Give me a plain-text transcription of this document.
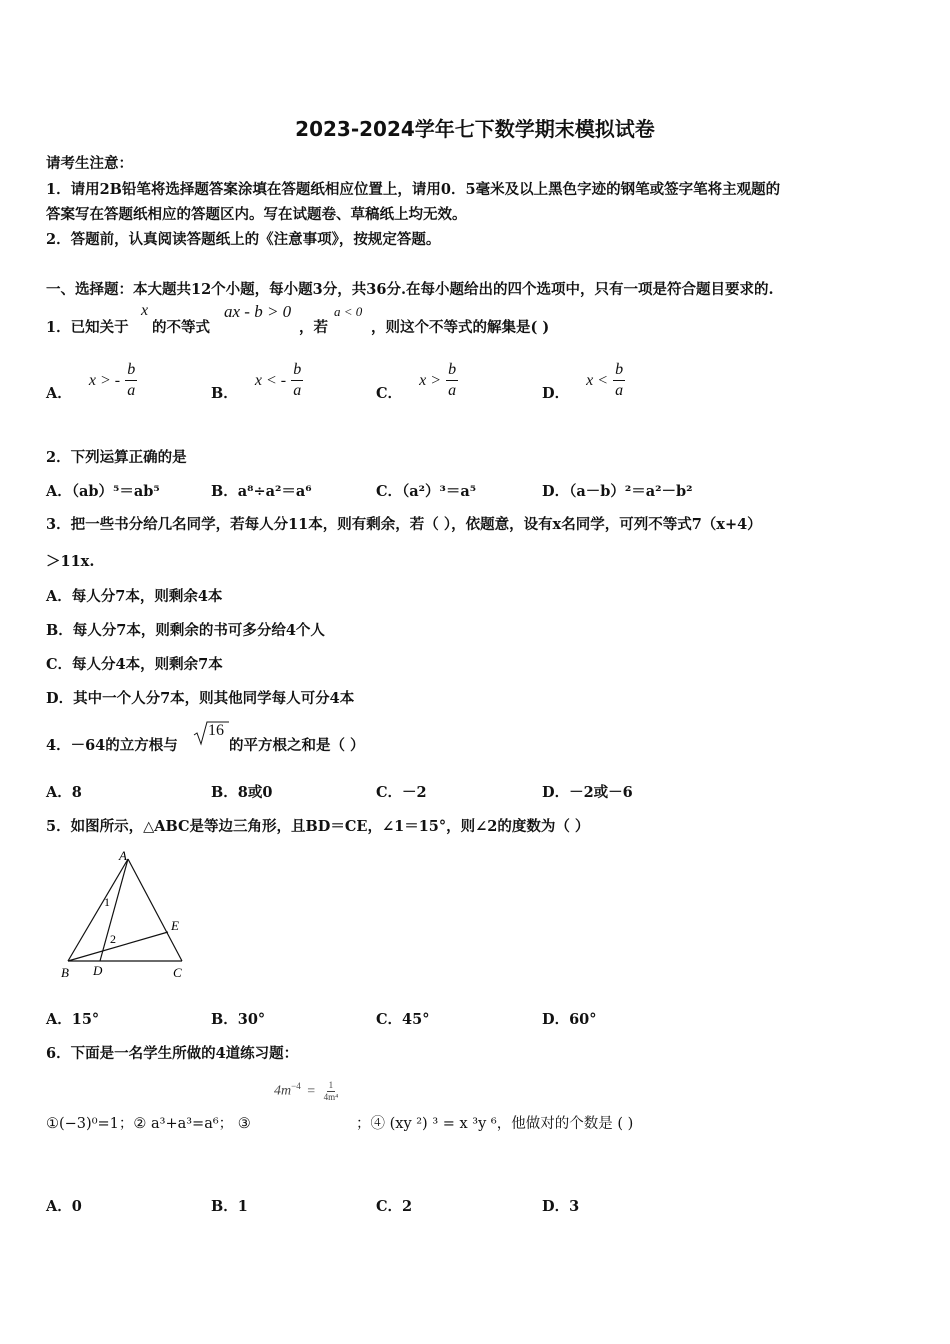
2023-2024学年七下数学期末模拟试卷
请考生注意：
1．请用2B铅笔将选择题答案涂填在答题纸相应位置上，请用0．5毫米及以上黑色字迹的钢笔或签字笔将主观题的
答案写在答题纸相应的答题区内。写在试题卷、草稿纸上均无效。
2．答题前，认真阅读答题纸上的《注意事项》，按规定答题。
一、选择题：本大题共12个小题，每小题3分，共36分.在每小题给出的四个选项中，只有一项是符合题目要求的.
1．已知关于
x
的不等式
ax - b > 0
，若
a < 0
，则这个不等式的解集是( )
A． x > - $\frac{b}{a}$	B． x < - $\frac{b}{a}$	C． $x > \frac{b}{a}$	D． $x < \frac{b}{a}$
2．下列运算正确的是
A．（ab）⁵＝ab⁵	B．a⁸÷a²＝a⁶	C．（a²）³＝a⁵	D．（a－b）²＝a²－b²
3．把一些书分给几名同学，若每人分11本，则有剩余，若（ ），依题意，设有x名同学，可列不等式7（x+4）
＞11x.
A．每人分7本，则剩余4本
B．每人分7本，则剩余的书可多分给4个人
C．每人分4本，则剩余7本
D．其中一个人分7本，则其他同学每人可分4本
4．－64的立方根与
16
的平方根之和是（ ）
A．8	B．8或0	C．－2	D．－2或－6
5．如图所示，△ABC是等边三角形，且BD＝CE，∠1＝15°，则∠2的度数为（ ）
A
B D	C
E
1
2
A．15°	B．30°	C．45°	D．60°
6．下面是一名学生所做的4道练习题：
$4m^{-4} = \frac{1}{\text{4m⁴}}$
①(−3)⁰=1；② a³+a³=a⁶； ③	；④ (xy ²) ³ = x ³y ⁶，他做对的个数是 ( )
A．0	B．1	C．2	D．3
